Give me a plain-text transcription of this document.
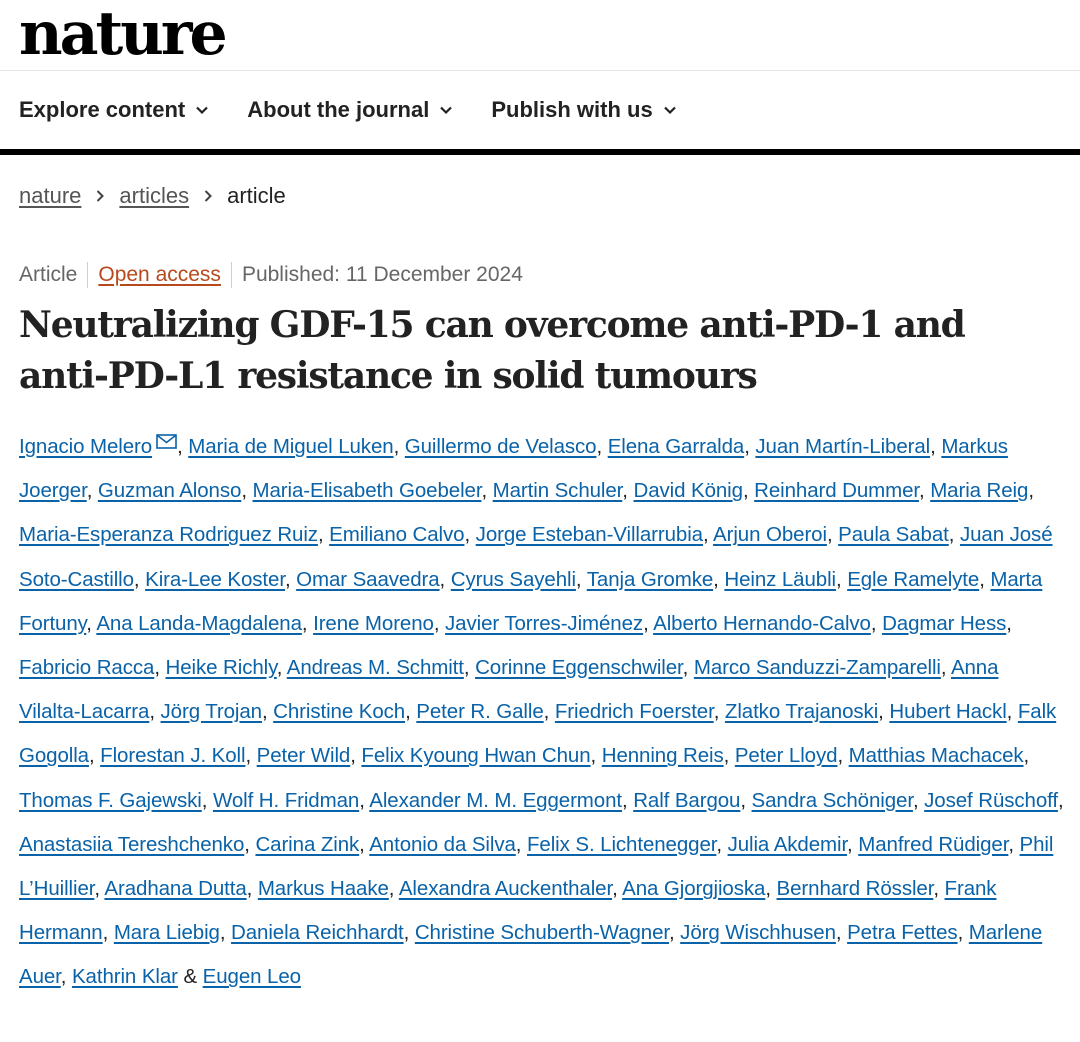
nature
Explore content	About the journal	Publish with us
nature articles article
Article Open access Published: 11 December 2024
Neutralizing GDF-15 can overcome anti-PD-1 and anti-PD-L1 resistance in solid tumours
Ignacio Melero , Maria de Miguel Luken, Guillermo de Velasco, Elena Garralda, Juan Martín-Liberal, Markus Joerger, Guzman Alonso, Maria-Elisabeth Goebeler, Martin Schuler, David König, Reinhard Dummer, Maria Reig, Maria-Esperanza Rodriguez Ruiz, Emiliano Calvo, Jorge Esteban-Villarrubia, Arjun Oberoi, Paula Sabat, Juan José Soto-Castillo, Kira-Lee Koster, Omar Saavedra, Cyrus Sayehli, Tanja Gromke, Heinz Läubli, Egle Ramelyte, Marta Fortuny, Ana Landa-Magdalena, Irene Moreno, Javier Torres-Jiménez, Alberto Hernando-Calvo, Dagmar Hess, Fabricio Racca, Heike Richly, Andreas M. Schmitt, Corinne Eggenschwiler, Marco Sanduzzi-Zamparelli, Anna Vilalta-Lacarra, Jörg Trojan, Christine Koch, Peter R. Galle, Friedrich Foerster, Zlatko Trajanoski, Hubert Hackl, Falk Gogolla, Florestan J. Koll, Peter Wild, Felix Kyoung Hwan Chun, Henning Reis, Peter Lloyd, Matthias Machacek, Thomas F. Gajewski, Wolf H. Fridman, Alexander M. M. Eggermont, Ralf Bargou, Sandra Schöniger, Josef Rüschoff, Anastasiia Tereshchenko, Carina Zink, Antonio da Silva, Felix S. Lichtenegger, Julia Akdemir, Manfred Rüdiger, Phil L’Huillier, Aradhana Dutta, Markus Haake, Alexandra Auckenthaler, Ana Gjorgjioska, Bernhard Rössler, Frank Hermann, Mara Liebig, Daniela Reichhardt, Christine Schuberth-Wagner, Jörg Wischhusen, Petra Fettes, Marlene Auer, Kathrin Klar & Eugen Leo
